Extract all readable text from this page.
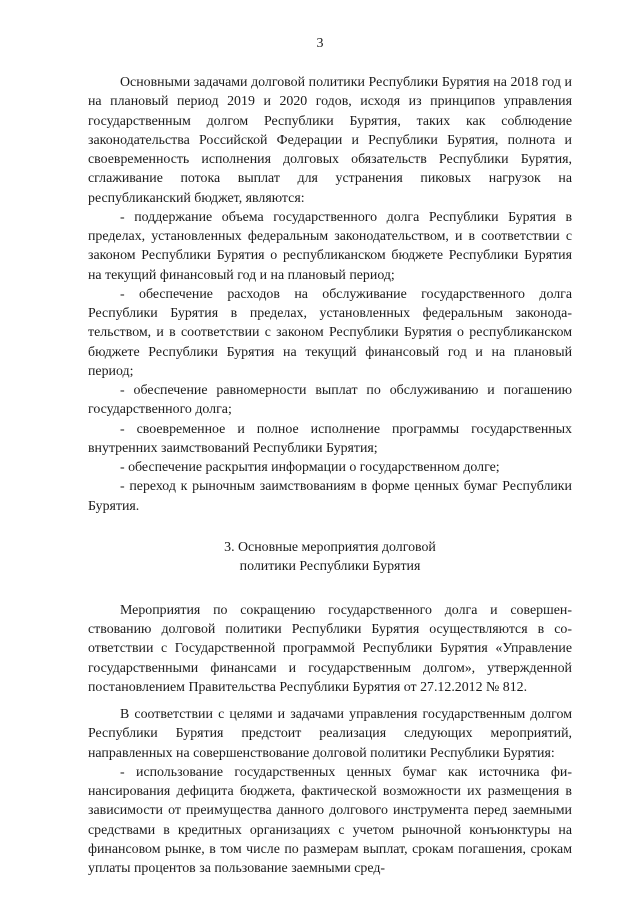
3

Основными задачами долговой политики Республики Бурятия на 2018 год и на плановый период 2019 и 2020 годов, исходя из принципов управления государственным долгом Республики Бурятия, таких как соблюдение законодательства Российской Федерации и Республики Бурятия, полнота и своевременность исполнения долговых обязательств Республики Бурятия, сглаживание потока выплат для устранения пиковых нагрузок на республиканский бюджет, являются:

- поддержание объема государственного долга Республики Бурятия в пределах, установленных федеральным законодательством, и в соответствии с законом Республики Бурятия о республиканском бюджете Республики Бурятия на текущий финансовый год и на плановый период;

- обеспечение расходов на обслуживание государственного долга Республики Бурятия в пределах, установленных федеральным законодательством, и в соответствии с законом Республики Бурятия о республиканском бюджете Республики Бурятия на текущий финансовый год и на плановый период;

- обеспечение равномерности выплат по обслуживанию и погашению государственного долга;

- своевременное и полное исполнение программы государственных внутренних заимствований Республики Бурятия;

- обеспечение раскрытия информации о государственном долге;

- переход к рыночным заимствованиям в форме ценных бумаг Республики Бурятия.

3. Основные мероприятия долговой
политики Республики Бурятия

Мероприятия по сокращению государственного долга и совершенствованию долговой политики Республики Бурятия осуществляются в соответствии с Государственной программой Республики Бурятия «Управление государственными финансами и государственным долгом», утвержденной постановлением Правительства Республики Бурятия от 27.12.2012 № 812.

В соответствии с целями и задачами управления государственным долгом Республики Бурятия предстоит реализация следующих мероприятий, направленных на совершенствование долговой политики Республики Бурятия:

- использование государственных ценных бумаг как источника финансирования дефицита бюджета, фактической возможности их размещения в зависимости от преимущества данного долгового инструмента перед заемными средствами в кредитных организациях с учетом рыночной конъюнктуры на финансовом рынке, в том числе по размерам выплат, срокам погашения, срокам уплаты процентов за пользование заемными сред-
